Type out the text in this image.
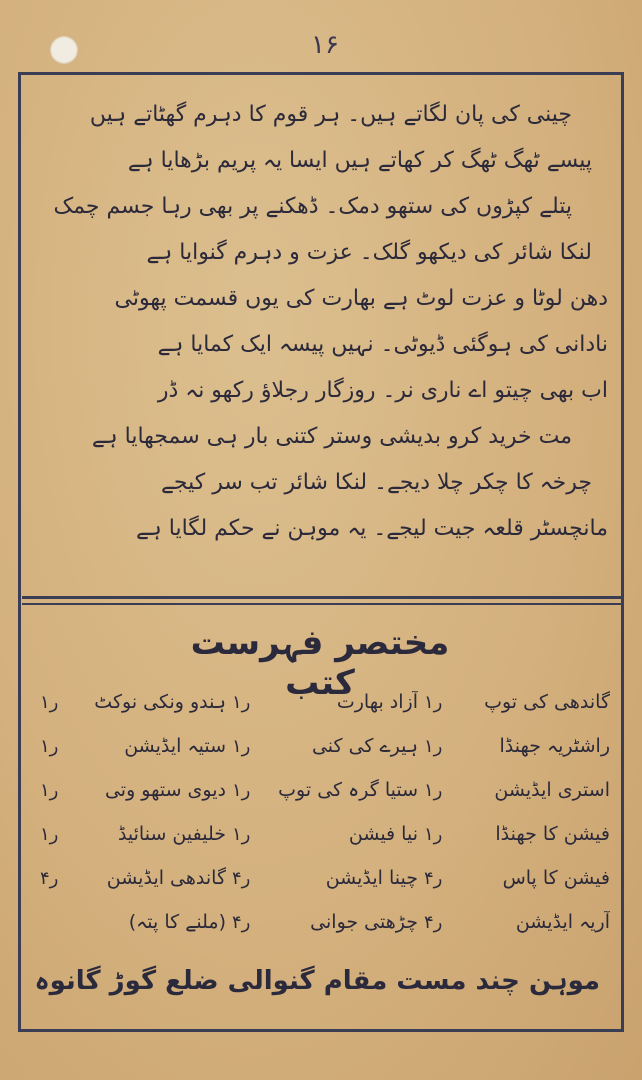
۱۶
چینی کی پان لگاتے ہیں۔ ہر قوم کا دہرم گھٹاتے ہیں
پیسے ٹھگ ٹھگ کر کھاتے ہیں ایسا یہ پریم بڑھایا ہے
پتلے کپڑوں کی ستھو دمک۔ ڈھکنے پر بھی رہا جسم چمک
لنکا شائر کی دیکھو گلک۔ عزت و دہرم گنوایا ہے
دھن لوٹا و عزت لوٹ ہے بھارت کی یوں قسمت پھوٹی
نادانی کی ہوگئی ڈیوٹی۔ نہیں پیسہ ایک کمایا ہے
اب بھی چیتو اے ناری نر۔ روزگار رجلاؤ رکھو نہ ڈر
مت خرید کرو بدیشی وستر کتنی بار ہی سمجھایا ہے
چرخہ کا چکر چلا دیجے۔ لنکا شائر تب سر کیجے
مانچسٹر قلعہ جیت لیجے۔ یہ موہن نے حکم لگایا ہے
مختصر فہرست کتب	گاندھی کی توپ
۱ر
آزاد بھارت
۱ر
ہندو ونکی نوکٹ
۱ر
راشٹریہ جھنڈا
۱ر
ہیرے کی کنی
۱ر
ستیہ ایڈیشن
۱ر
استری ایڈیشن
۱ر
ستیا گرہ کی توپ
۱ر
دیوی ستھو وتی
۱ر
فیشن کا جھنڈا
۱ر
نیا فیشن
۱ر
خلیفین سنائیڈ
۱ر
فیشن کا پاس
۴ر
چینا ایڈیشن
۴ر
گاندھی ایڈیشن
۴ر
آریہ ایڈیشن
۴ر
چڑھتی جوانی
۴ر
(ملنے کا پتہ)
موہن چند مست مقام گنوالی ضلع گوڑ گانوہ
